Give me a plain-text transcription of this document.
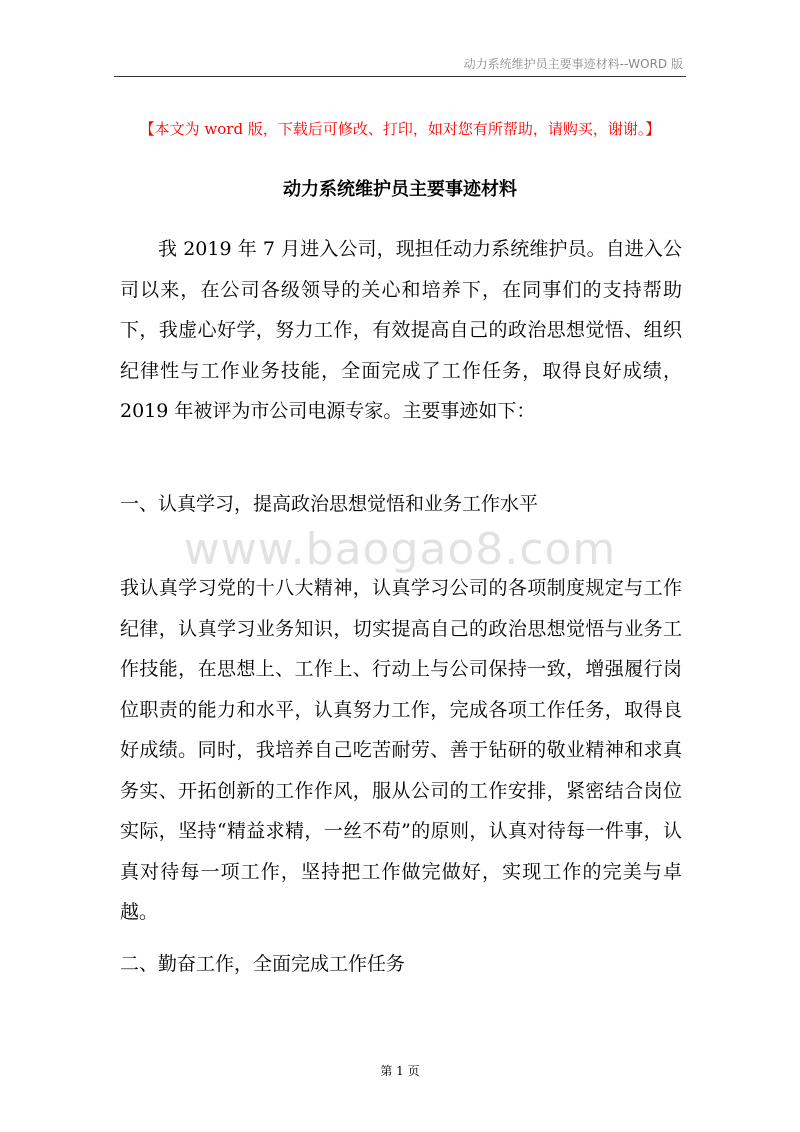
动力系统维护员主要事迹材料--WORD 版
【本文为 word 版，下载后可修改、打印，如对您有所帮助，请购买，谢谢。】
动力系统维护员主要事迹材料

我 2019 年 7 月进入公司，现担任动力系统维护员。自进入公司以来，在公司各级领导的关心和培养下，在同事们的支持帮助下，我虚心好学，努力工作，有效提高自己的政治思想觉悟、组织纪律性与工作业务技能，全面完成了工作任务，取得良好成绩，2019 年被评为市公司电源专家。主要事迹如下：

一、认真学习，提高政治思想觉悟和业务工作水平

www.baogao8.com

我认真学习党的十八大精神，认真学习公司的各项制度规定与工作纪律，认真学习业务知识，切实提高自己的政治思想觉悟与业务工作技能，在思想上、工作上、行动上与公司保持一致，增强履行岗位职责的能力和水平，认真努力工作，完成各项工作任务，取得良好成绩。同时，我培养自己吃苦耐劳、善于钻研的敬业精神和求真务实、开拓创新的工作作风，服从公司的工作安排，紧密结合岗位实际，坚持“精益求精，一丝不苟”的原则，认真对待每一件事，认真对待每一项工作，坚持把工作做完做好，实现工作的完美与卓越。

二、勤奋工作，全面完成工作任务

第 1 页
